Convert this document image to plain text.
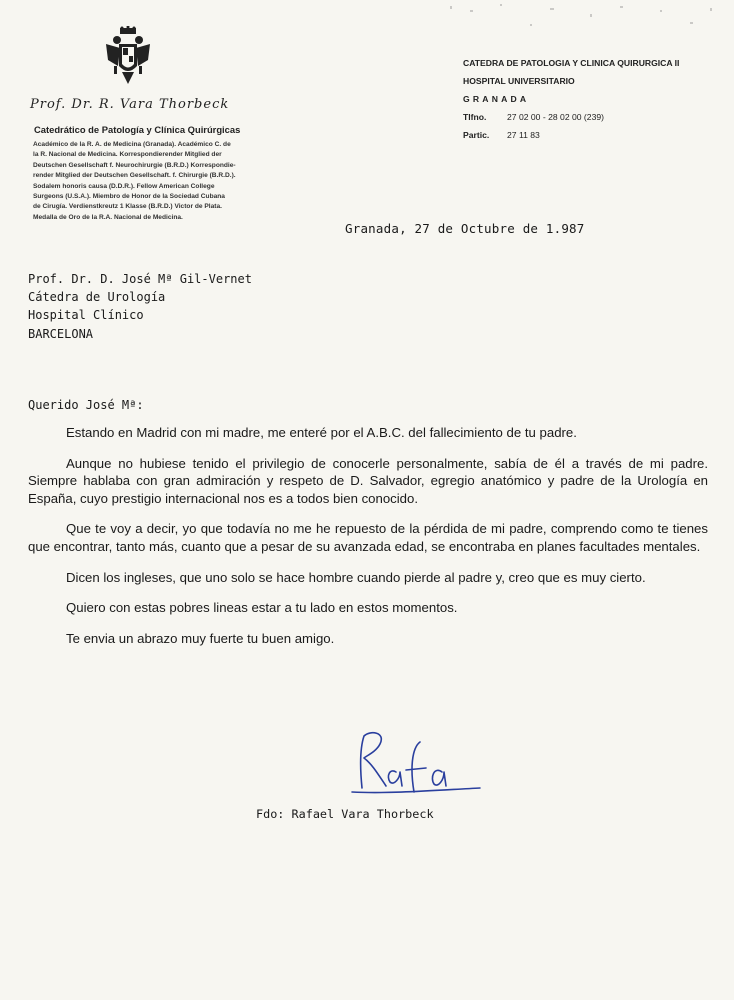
Prof. Dr. R. Vara Thorbeck
Catedrático de Patología y Clínica Quirúrgicas
Académico de la R. A. de Medicina (Granada). Académico C. de
la R. Nacional de Medicina. Korrespondierender Mitglied der
Deutschen Gesellschaft f. Neurochirurgie (B.R.D.) Korrespondie-
render Mitglied der Deutschen Gesellschaft. f. Chirurgie (B.R.D.).
Sodalem honoris causa (D.D.R.). Fellow American College
Surgeons (U.S.A.). Miembro de Honor de la Sociedad Cubana
de Cirugía. Verdienstkreutz 1 Klasse (B.R.D.) Victor de Plata.
Medalla de Oro de la R.A. Nacional de Medicina.
CATEDRA DE PATOLOGIA Y CLINICA QUIRURGICA II
HOSPITAL UNIVERSITARIO
GRANADA
Tlfno. 27 02 00 - 28 02 00 (239)
Partic. 27 11 83
Granada, 27 de Octubre de 1.987
Prof. Dr. D. José Mª Gil-Vernet
Cátedra de Urología
Hospital Clínico
BARCELONA
Querido José Mª:

Estando en Madrid con mi madre, me enteré por el A.B.C. del fallecimiento de tu padre.

Aunque no hubiese tenido el privilegio de conocerle personalmente, sabía de él a través de mi padre. Siempre hablaba con gran admiración y respeto de D. Salvador, egregio anatómico y padre de la Urología en España, cuyo prestigio internacional nos es a todos bien conocido.

Que te voy a decir, yo que todavía no me he repuesto de la pérdida de mi padre, comprendo como te tienes que encontrar, tanto más, cuanto que a pesar de su avanzada edad, se encontraba en planes facultades mentales.

Dicen los ingleses, que uno solo se hace hombre cuando pierde al padre y, creo que es muy cierto.

Quiero con estas pobres lineas estar a tu lado en estos momentos.

Te envia un abrazo muy fuerte tu buen amigo.

Fdo: Rafael Vara Thorbeck
